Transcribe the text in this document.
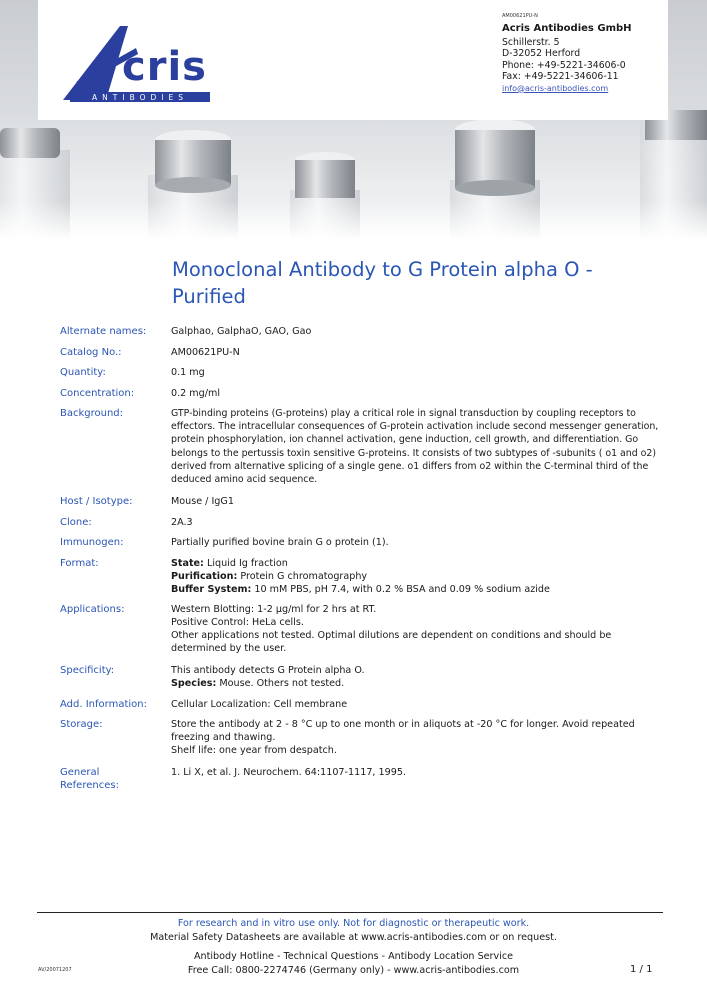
cris
ANTIBODIES
AM00621PU-N
Acris Antibodies GmbH
Schillerstr. 5
D-32052 Herford
Phone: +49-5221-34606-0
Fax: +49-5221-34606-11
info@acris-antibodies.com
Monoclonal Antibody to G Protein alpha O - Purified
Alternate names:	Galphao, GalphaO, GAO, Gao
Catalog No.:	AM00621PU-N
Quantity:	0.1 mg
Concentration:	0.2 mg/ml
Background:	GTP-binding proteins (G-proteins) play a critical role in signal transduction by coupling receptors to effectors. The intracellular consequences of G-protein activation include second messenger generation, protein phosphorylation, ion channel activation, gene induction, cell growth, and differentiation. Go belongs to the pertussis toxin sensitive G-proteins. It consists of two subtypes of -subunits ( o1 and o2) derived from alternative splicing of a single gene. o1 differs from o2 within the C-terminal third of the deduced amino acid sequence.
Host / Isotype:	Mouse / IgG1
Clone:	2A.3
Immunogen:	Partially purified bovine brain G o protein (1).
Format:	State: Liquid Ig fraction

Purification: Protein G chromatography

Buffer System: 10 mM PBS, pH 7.4, with 0.2 % BSA and 0.09 % sodium azide

Applications:	Western Blotting: 1-2 µg/ml for 2 hrs at RT.

Positive Control: HeLa cells.

Other applications not tested. Optimal dilutions are dependent on conditions and should be determined by the user.

Specificity:	This antibody detects G Protein alpha O.

Species: Mouse. Others not tested.

Add. Information:	Cellular Localization: Cell membrane
Storage:	Store the antibody at 2 - 8 °C up to one month or in aliquots at -20 °C for longer. Avoid repeated freezing and thawing.

Shelf life: one year from despatch.

General
References:
1. Li X, et al. J. Neurochem. 64:1107-1117, 1995.
For research and in vitro use only. Not for diagnostic or therapeutic work.
Material Safety Datasheets are available at www.acris-antibodies.com or on request.
Antibody Hotline - Technical Questions - Antibody Location Service
Free Call: 0800-2274746 (Germany only) - www.acris-antibodies.com
AV/20071207	1 / 1
